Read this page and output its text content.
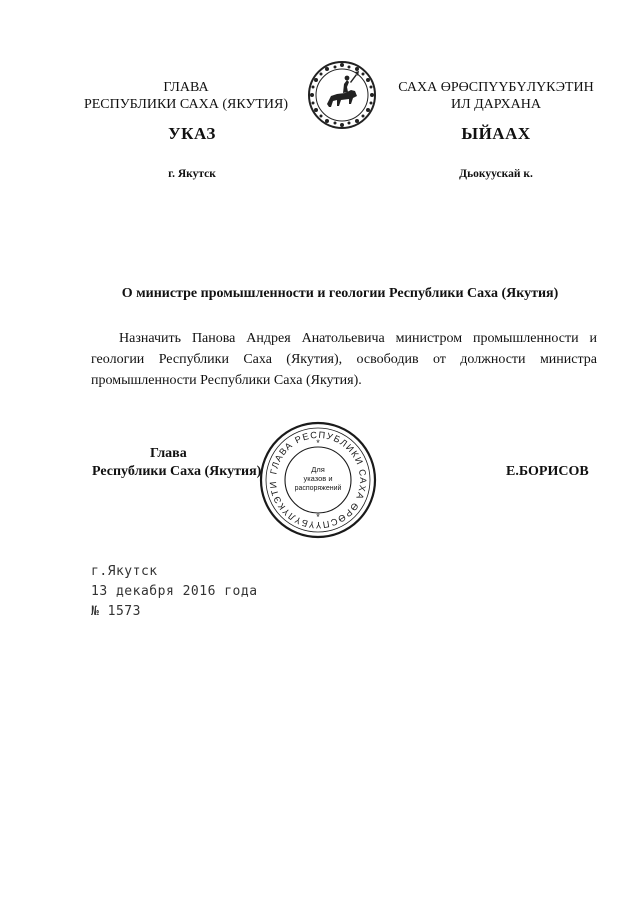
ГЛАВА
РЕСПУБЛИКИ САХА (ЯКУТИЯ)
САХА ӨРӨСПҮҮБҮЛҮКЭТИН
ИЛ ДАРХАНА
УКАЗ	ЫЙААХ
г. Якутск	Дьокуускай к.
О министре промышленности и геологии Республики Саха (Якутия)
Назначить Панова Андрея Анатольевича министром промышленности и геологии Республики Саха (Якутия), освободив от должности министра промышленности Республики Саха (Якутия).
Глава
Республики Саха (Якутия)	Е.БОРИСОВ
ГЛАВА РЕСПУБЛИКИ САХА ӨРӨСПҮҮБҮЛҮКЭТИ
Для
указов и
распоряжений
*
*
г.Якутск
13 декабря 2016 года
№ 1573
